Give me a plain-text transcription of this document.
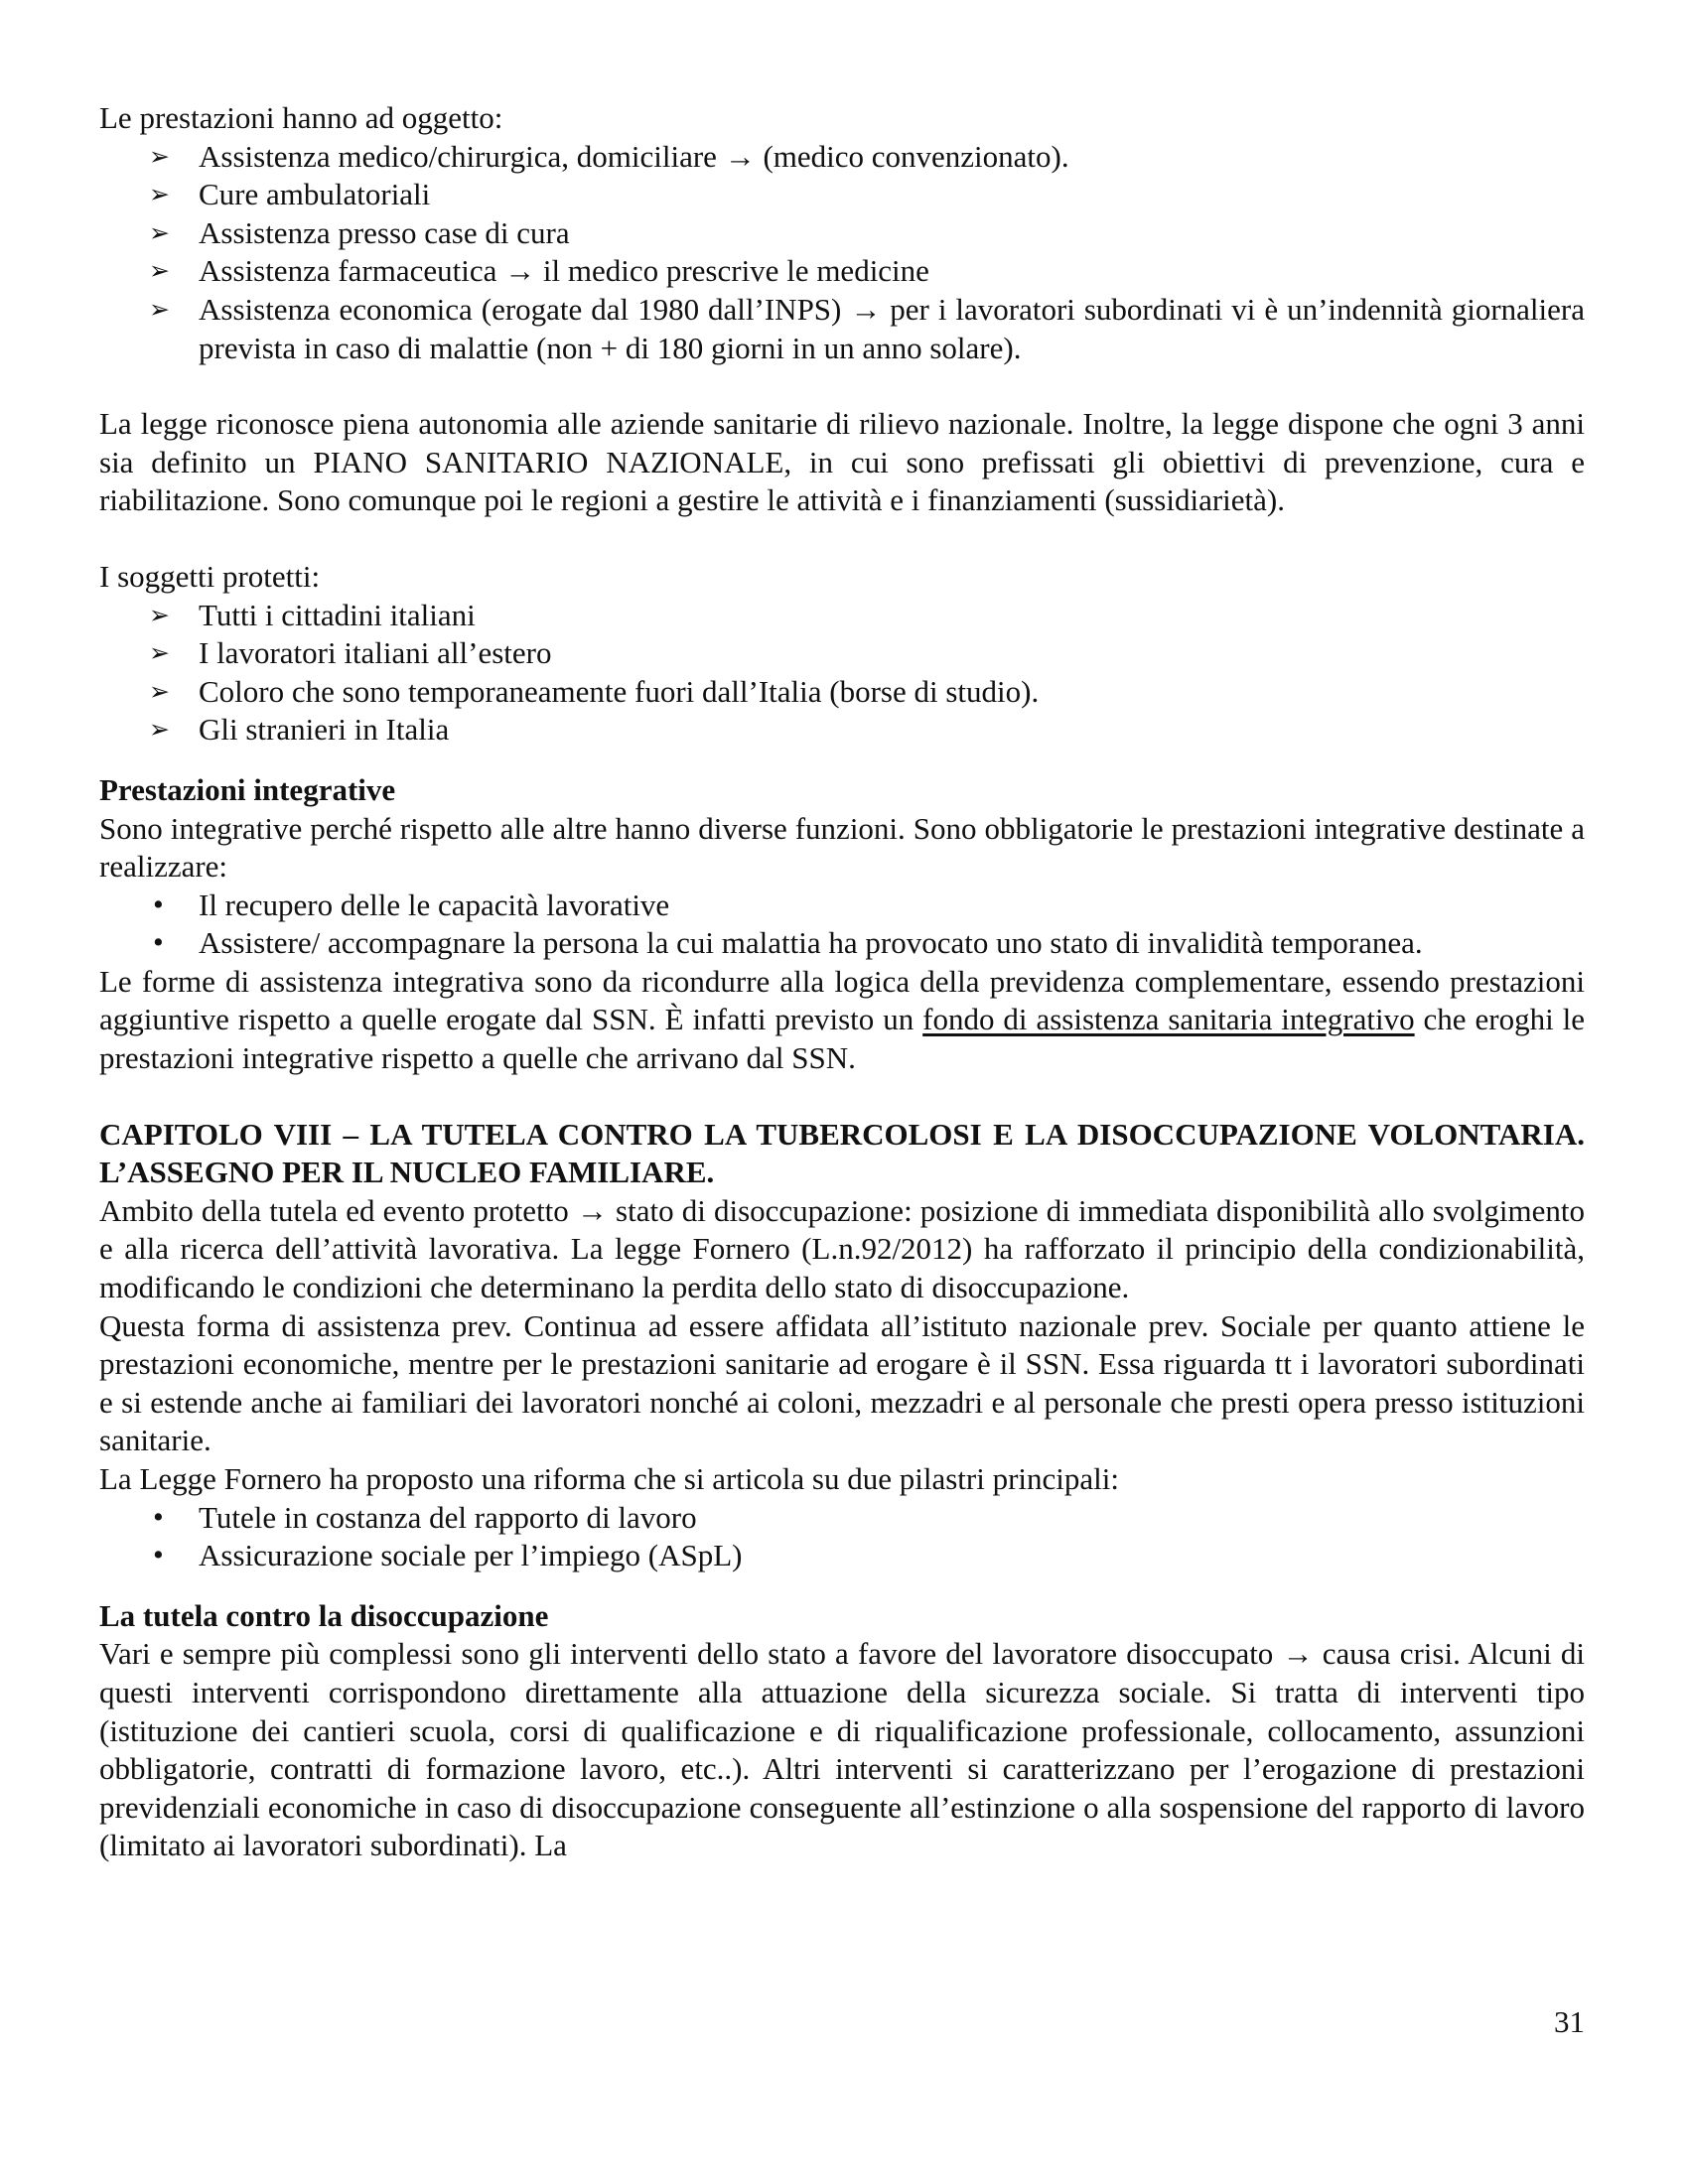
Le prestazioni hanno ad oggetto:

➢ Assistenza medico/chirurgica, domiciliare → (medico convenzionato).
➢ Cure ambulatoriali
➢ Assistenza presso case di cura
➢ Assistenza farmaceutica → il medico prescrive le medicine
➢ Assistenza economica (erogate dal 1980 dall’INPS) → per i lavoratori subordinati vi è un’indennità giornaliera prevista in caso di malattie (non + di 180 giorni in un anno solare).

La legge riconosce piena autonomia alle aziende sanitarie di rilievo nazionale. Inoltre, la legge dispone che ogni 3 anni sia definito un PIANO SANITARIO NAZIONALE, in cui sono prefissati gli obiettivi di prevenzione, cura e riabilitazione. Sono comunque poi le regioni a gestire le attività e i finanziamenti (sussidiarietà).

I soggetti protetti:

➢ Tutti i cittadini italiani
➢ I lavoratori italiani all’estero
➢ Coloro che sono temporaneamente fuori dall’Italia (borse di studio).
➢ Gli stranieri in Italia
Prestazioni integrative

Sono integrative perché rispetto alle altre hanno diverse funzioni. Sono obbligatorie le prestazioni integrative destinate a realizzare:

• Il recupero delle le capacità lavorative
• Assistere/ accompagnare la persona la cui malattia ha provocato uno stato di invalidità temporanea.

Le forme di assistenza integrativa sono da ricondurre alla logica della previdenza complementare, essendo prestazioni aggiuntive rispetto a quelle erogate dal SSN. È infatti previsto un fondo di assistenza sanitaria integrativo che eroghi le prestazioni integrative rispetto a quelle che arrivano dal SSN.

CAPITOLO VIII – LA TUTELA CONTRO LA TUBERCOLOSI E LA DISOCCUPAZIONE VOLONTARIA. L’ASSEGNO PER IL NUCLEO FAMILIARE.

Ambito della tutela ed evento protetto → stato di disoccupazione: posizione di immediata disponibilità allo svolgimento e alla ricerca dell’attività lavorativa. La legge Fornero (L.n.92/2012) ha rafforzato il principio della condizionabilità, modificando le condizioni che determinano la perdita dello stato di disoccupazione.

Questa forma di assistenza prev. Continua ad essere affidata all’istituto nazionale prev. Sociale per quanto attiene le prestazioni economiche, mentre per le prestazioni sanitarie ad erogare è il SSN. Essa riguarda tt i lavoratori subordinati e si estende anche ai familiari dei lavoratori nonché ai coloni, mezzadri e al personale che presti opera presso istituzioni sanitarie.

La Legge Fornero ha proposto una riforma che si articola su due pilastri principali:

• Tutele in costanza del rapporto di lavoro
• Assicurazione sociale per l’impiego (ASpL)
La tutela contro la disoccupazione

Vari e sempre più complessi sono gli interventi dello stato a favore del lavoratore disoccupato → causa crisi. Alcuni di questi interventi corrispondono direttamente alla attuazione della sicurezza sociale. Si tratta di interventi tipo (istituzione dei cantieri scuola, corsi di qualificazione e di riqualificazione professionale, collocamento, assunzioni obbligatorie, contratti di formazione lavoro, etc..). Altri interventi si caratterizzano per l’erogazione di prestazioni previdenziali economiche in caso di disoccupazione conseguente all’estinzione o alla sospensione del rapporto di lavoro (limitato ai lavoratori subordinati). La

31
